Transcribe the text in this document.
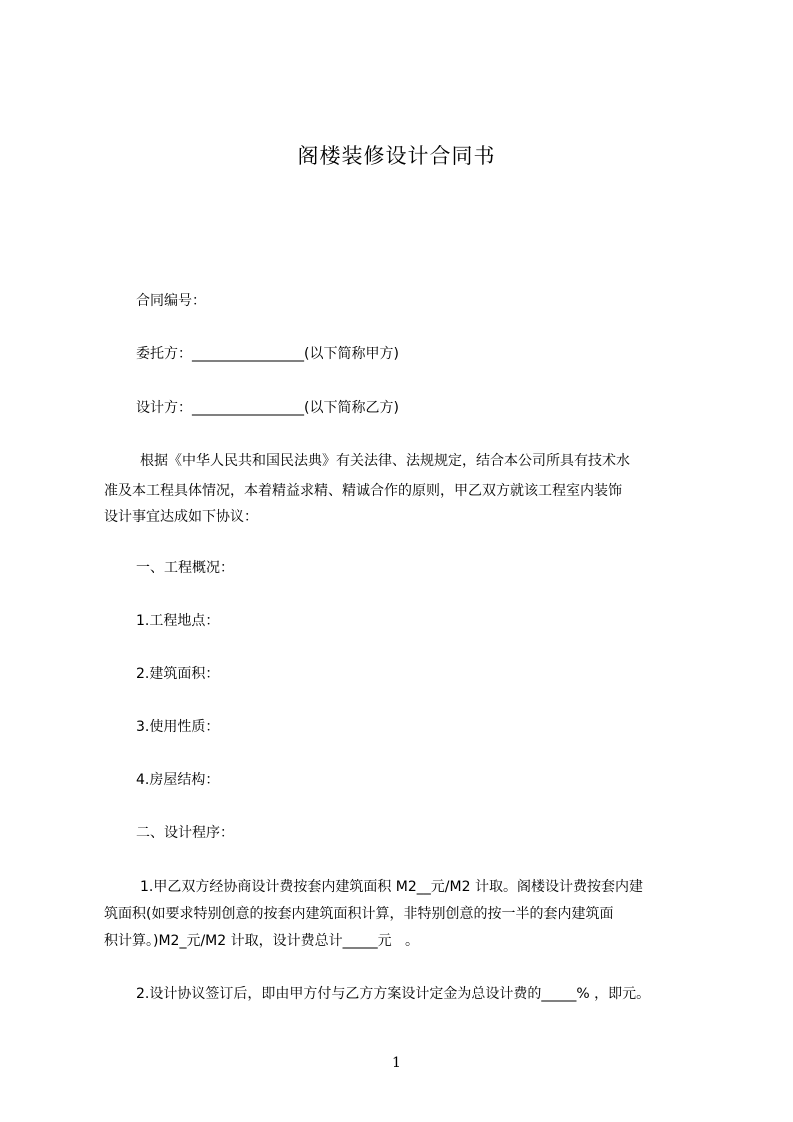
阁楼装修设计合同书
合同编号：
委托方：________________(以下简称甲方)
设计方：________________(以下简称乙方)
根据《中华人民共和国民法典》有关法律、法规规定，结合本公司所具有技术水
准及本工程具体情况，本着精益求精、精诚合作的原则，甲乙双方就该工程室内装饰
设计事宜达成如下协议：
一、工程概况：
1.工程地点：
2.建筑面积：
3.使用性质：
4.房屋结构：
二、设计程序：
1.甲乙双方经协商设计费按套内建筑面积 M2__元/M2 计取。阁楼设计费按套内建
筑面积(如要求特别创意的按套内建筑面积计算，非特别创意的按一半的套内建筑面
积计算。)M2_元/M2 计取，设计费总计_____元   。
2.设计协议签订后，即由甲方付与乙方方案设计定金为总设计费的_____% ，即元。
1
